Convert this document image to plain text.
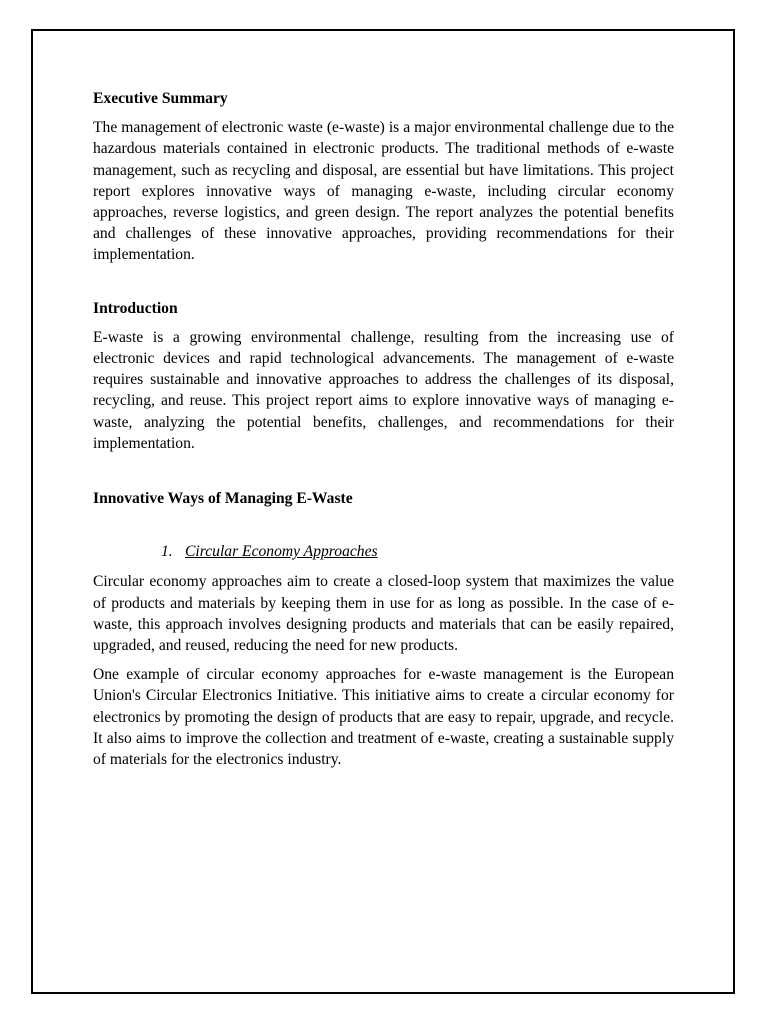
Executive Summary

The management of electronic waste (e-waste) is a major environmental challenge due to the hazardous materials contained in electronic products. The traditional methods of e-waste management, such as recycling and disposal, are essential but have limitations. This project report explores innovative ways of managing e-waste, including circular economy approaches, reverse logistics, and green design. The report analyzes the potential benefits and challenges of these innovative approaches, providing recommendations for their implementation.

Introduction

E-waste is a growing environmental challenge, resulting from the increasing use of electronic devices and rapid technological advancements. The management of e-waste requires sustainable and innovative approaches to address the challenges of its disposal, recycling, and reuse. This project report aims to explore innovative ways of managing e-waste, analyzing the potential benefits, challenges, and recommendations for their implementation.

Innovative Ways of Managing E-Waste

1. Circular Economy Approaches

Circular economy approaches aim to create a closed-loop system that maximizes the value of products and materials by keeping them in use for as long as possible. In the case of e-waste, this approach involves designing products and materials that can be easily repaired, upgraded, and reused, reducing the need for new products.

One example of circular economy approaches for e-waste management is the European Union's Circular Electronics Initiative. This initiative aims to create a circular economy for electronics by promoting the design of products that are easy to repair, upgrade, and recycle. It also aims to improve the collection and treatment of e-waste, creating a sustainable supply of materials for the electronics industry.
